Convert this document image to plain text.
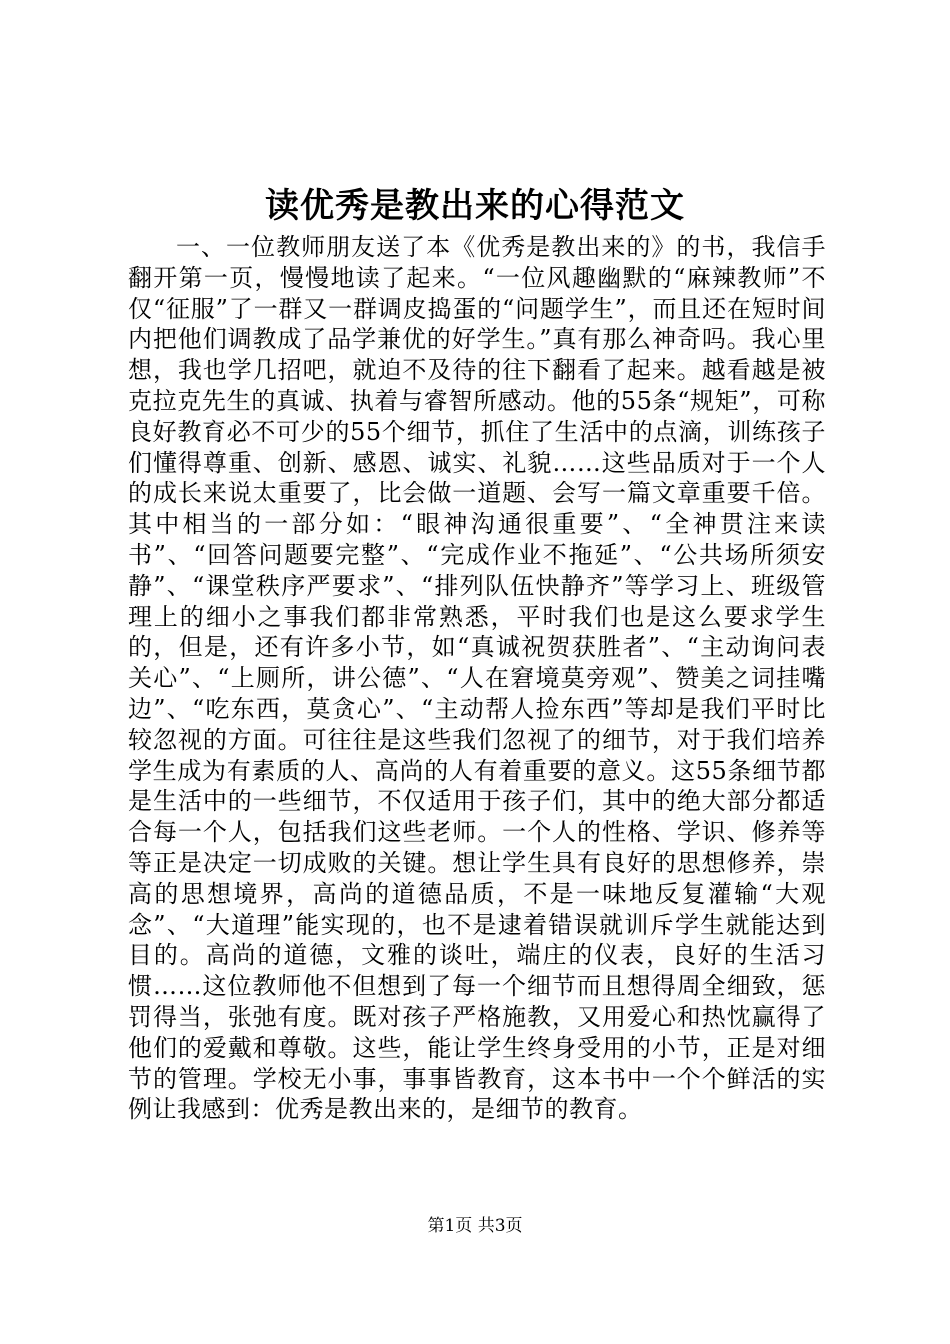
读优秀是教出来的心得范文

一、一位教师朋友送了本《优秀是教出来的》的书，我信手翻开第一页，慢慢地读了起来。“一位风趣幽默的“麻辣教师”不仅“征服”了一群又一群调皮捣蛋的“问题学生”，而且还在短时间内把他们调教成了品学兼优的好学生。”真有那么神奇吗。我心里想，我也学几招吧，就迫不及待的往下翻看了起来。越看越是被克拉克先生的真诚、执着与睿智所感动。他的55条“规矩”，可称良好教育必不可少的55个细节，抓住了生活中的点滴，训练孩子们懂得尊重、创新、感恩、诚实、礼貌……这些品质对于一个人的成长来说太重要了，比会做一道题、会写一篇文章重要千倍。其中相当的一部分如：“眼神沟通很重要”、“全神贯注来读书”、“回答问题要完整”、“完成作业不拖延”、“公共场所须安静”、“课堂秩序严要求”、“排列队伍快静齐”等学习上、班级管理上的细小之事我们都非常熟悉，平时我们也是这么要求学生的，但是，还有许多小节，如“真诚祝贺获胜者”、“主动询问表关心”、“上厕所，讲公德”、“人在窘境莫旁观”、赞美之词挂嘴边”、“吃东西，莫贪心”、“主动帮人捡东西”等却是我们平时比较忽视的方面。可往往是这些我们忽视了的细节，对于我们培养学生成为有素质的人、高尚的人有着重要的意义。这55条细节都是生活中的一些细节，不仅适用于孩子们，其中的绝大部分都适合每一个人，包括我们这些老师。一个人的性格、学识、修养等等正是决定一切成败的关键。想让学生具有良好的思想修养，崇高的思想境界，高尚的道德品质，不是一味地反复灌输“大观念”、“大道理”能实现的，也不是逮着错误就训斥学生就能达到目的。高尚的道德，文雅的谈吐，端庄的仪表，良好的生活习惯……这位教师他不但想到了每一个细节而且想得周全细致，惩罚得当，张弛有度。既对孩子严格施教，又用爱心和热忱赢得了他们的爱戴和尊敬。这些，能让学生终身受用的小节，正是对细节的管理。学校无小事，事事皆教育，这本书中一个个鲜活的实例让我感到：优秀是教出来的，是细节的教育。

第1页 共3页
